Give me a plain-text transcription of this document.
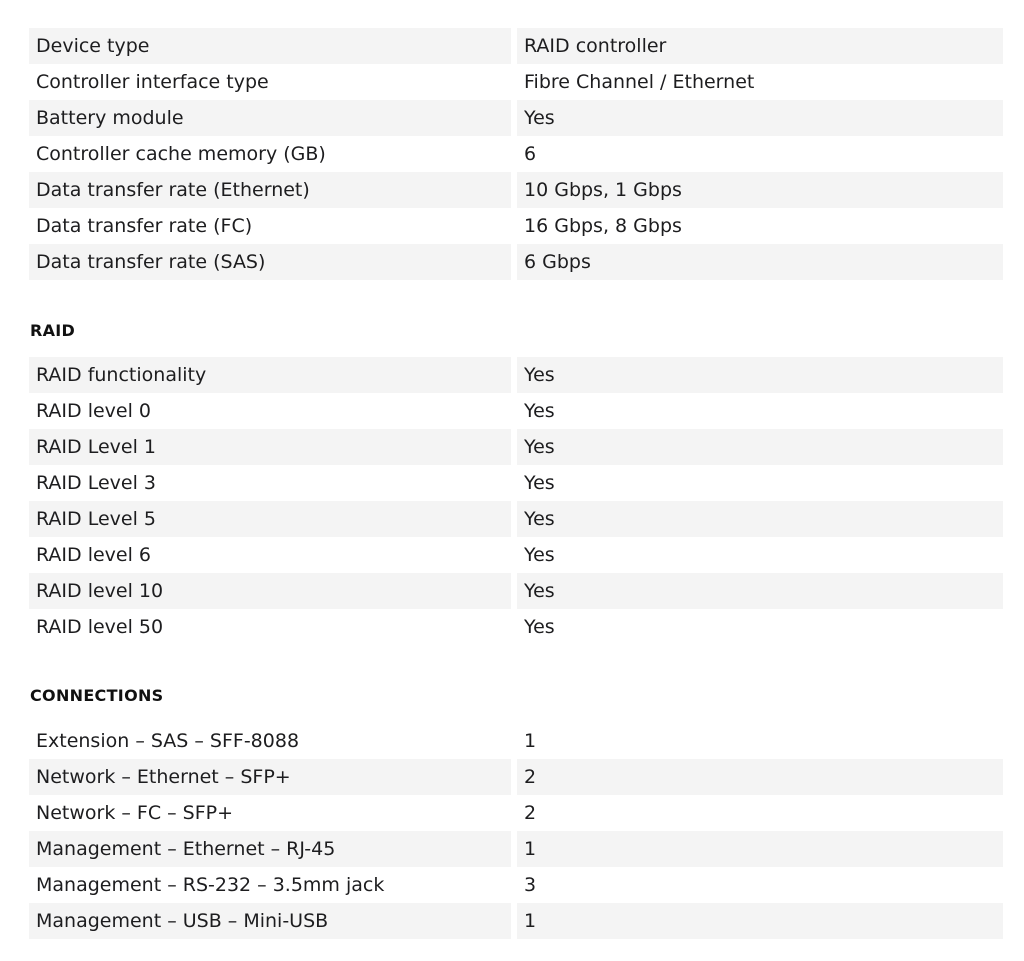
Device type	RAID controller
Controller interface type	Fibre Channel / Ethernet
Battery module	Yes
Controller cache memory (GB)	6
Data transfer rate (Ethernet)	10 Gbps, 1 Gbps
Data transfer rate (FC)	16 Gbps, 8 Gbps
Data transfer rate (SAS)	6 Gbps
RAID
RAID functionality	Yes
RAID level 0	Yes
RAID Level 1	Yes
RAID Level 3	Yes
RAID Level 5	Yes
RAID level 6	Yes
RAID level 10	Yes
RAID level 50	Yes
CONNECTIONS
Extension – SAS – SFF-8088	1
Network – Ethernet – SFP+	2
Network – FC – SFP+	2
Management – Ethernet – RJ-45	1
Management – RS-232 – 3.5mm jack	3
Management – USB – Mini-USB	1
